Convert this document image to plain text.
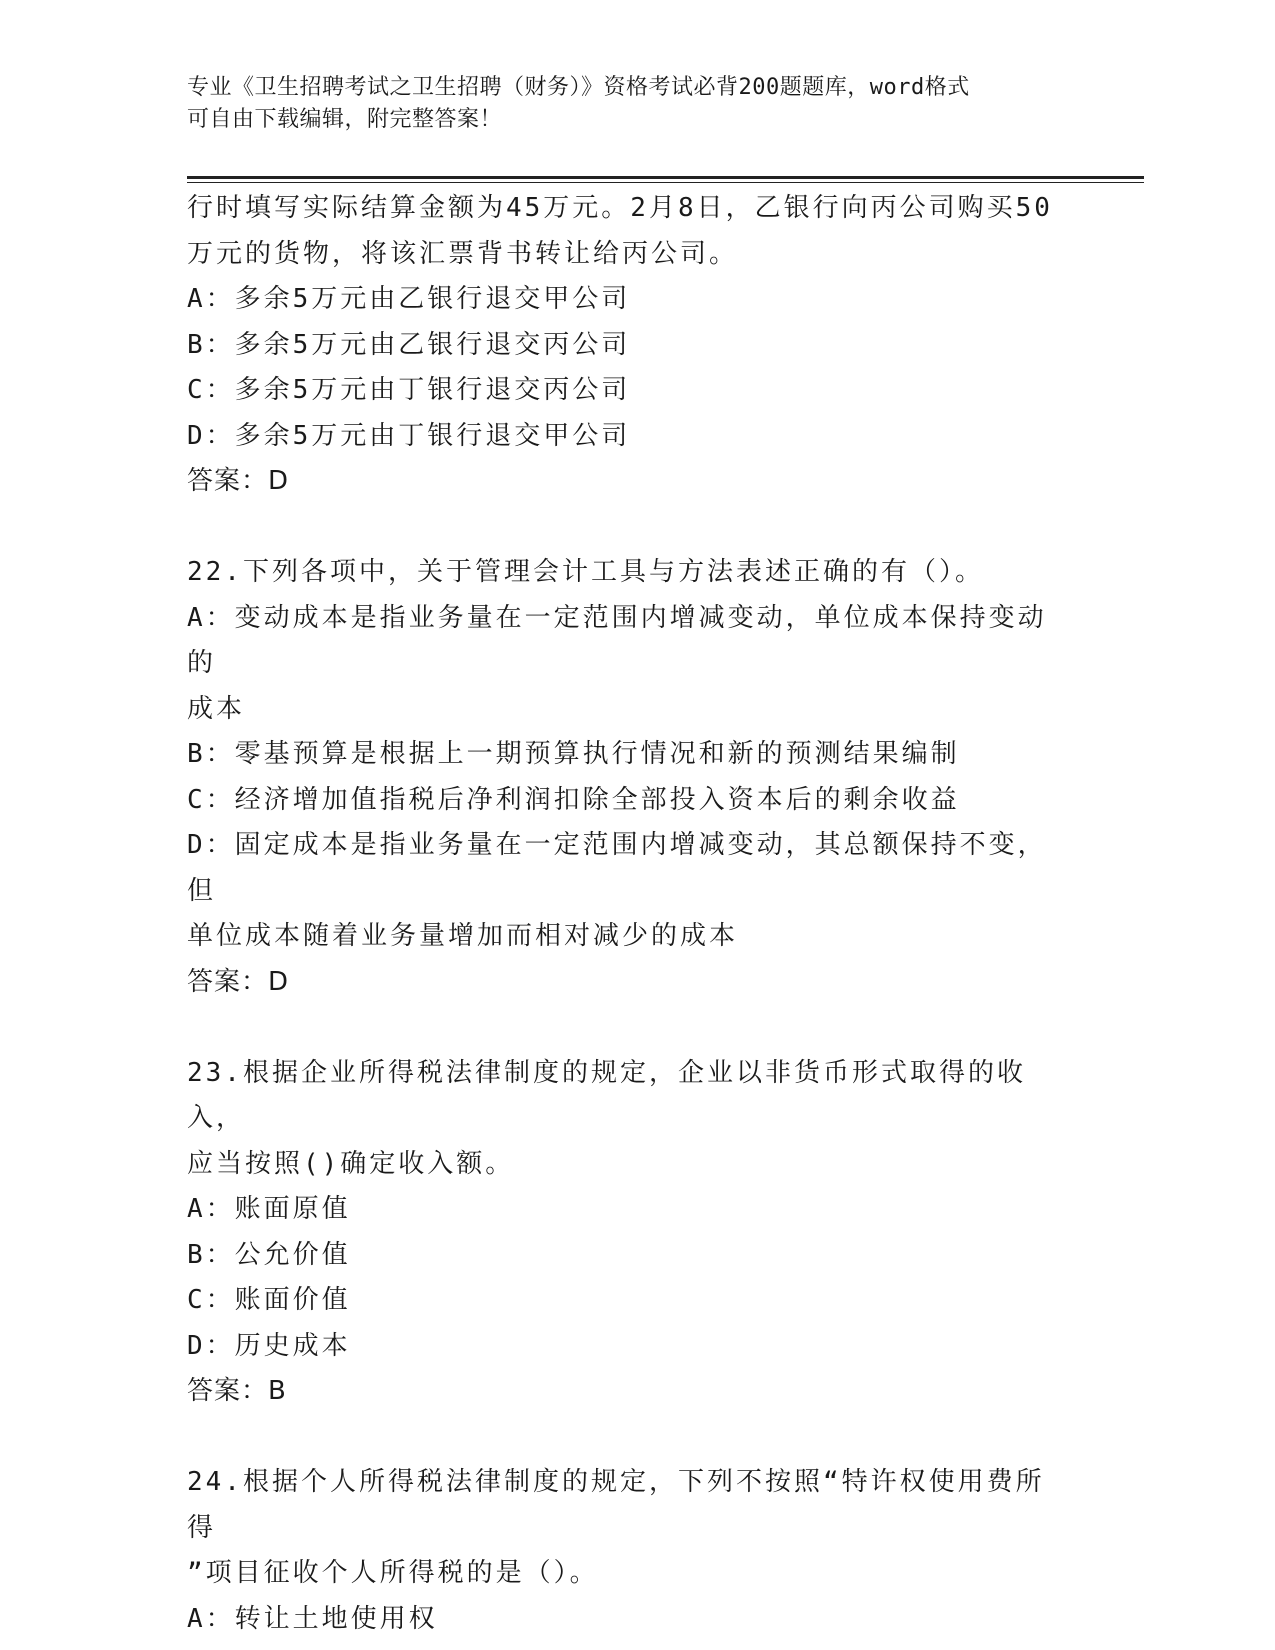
专业《卫生招聘考试之卫生招聘（财务）》资格考试必背200题题库，word格式
可自由下载编辑，附完整答案！

行时填写实际结算金额为45万元。2月8日，乙银行向丙公司购买50

万元的货物，将该汇票背书转让给丙公司。

A：多余5万元由乙银行退交甲公司

B：多余5万元由乙银行退交丙公司

C：多余5万元由丁银行退交丙公司

D：多余5万元由丁银行退交甲公司

答案：D

22.下列各项中，关于管理会计工具与方法表述正确的有（）。

A：变动成本是指业务量在一定范围内增减变动，单位成本保持变动的

成本

B：零基预算是根据上一期预算执行情况和新的预测结果编制

C：经济增加值指税后净利润扣除全部投入资本后的剩余收益

D：固定成本是指业务量在一定范围内增减变动，其总额保持不变，但

单位成本随着业务量增加而相对减少的成本

答案：D

23.根据企业所得税法律制度的规定，企业以非货币形式取得的收入，

应当按照()确定收入额。

A：账面原值

B：公允价值

C：账面价值

D：历史成本

答案：B

24.根据个人所得税法律制度的规定，下列不按照“特许权使用费所得

”项目征收个人所得税的是（）。

A：转让土地使用权
